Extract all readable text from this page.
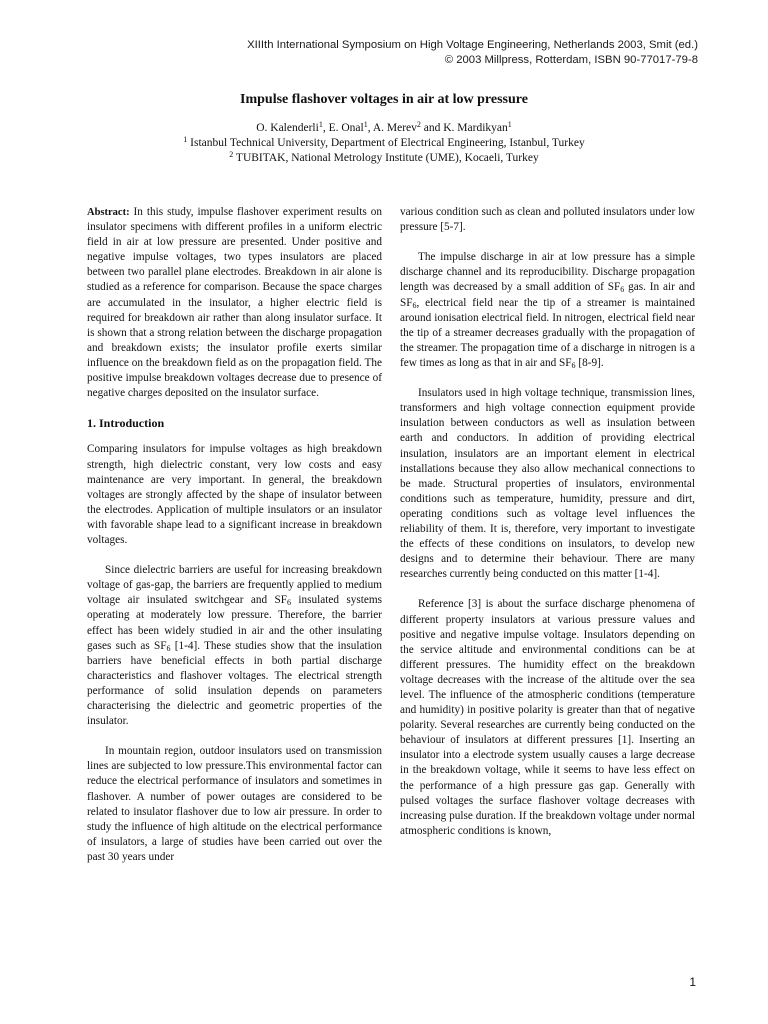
XIIIth International Symposium on High Voltage Engineering, Netherlands 2003, Smit (ed.)
© 2003 Millpress, Rotterdam, ISBN 90-77017-79-8
Impulse flashover voltages in air at low pressure
O. Kalenderli$^1$, E. Onal$^1$, A. Merev$^2$ and K. Mardikyan$^1$
$^1$ Istanbul Technical University, Department of Electrical Engineering, Istanbul, Turkey
$^2$ TUBITAK, National Metrology Institute (UME), Kocaeli, Turkey

Abstract: In this study, impulse flashover experiment results on insulator specimens with different profiles in a uniform electric field in air at low pressure are presented. Under positive and negative impulse voltages, two types insulators are placed between two parallel plane electrodes. Breakdown in air alone is studied as a reference for comparison. Because the space charges are accumulated in the insulator, a higher electric field is required for breakdown air rather than along insulator surface. It is shown that a strong relation between the discharge propagation and breakdown exists; the insulator profile exerts similar influence on the breakdown field as on the propagation field. The positive impulse breakdown voltages decrease due to presence of negative charges deposited on the insulator surface.

1. Introduction

Comparing insulators for impulse voltages as high breakdown strength, high dielectric constant, very low costs and easy maintenance are very important. In general, the breakdown voltages are strongly affected by the shape of insulator between the electrodes. Application of multiple insulators or an insulator with favorable shape lead to a significant increase in breakdown voltages.

Since dielectric barriers are useful for increasing breakdown voltage of gas-gap, the barriers are frequently applied to medium voltage air insulated switchgear and $SF_6$ insulated systems operating at moderately low pressure. Therefore, the barrier effect has been widely studied in air and the other insulating gases such as $SF_6$ [1-4]. These studies show that the insulation barriers have beneficial effects in both partial discharge characteristics and flashover voltages. The electrical strength performance of solid insulation depends on parameters characterising the dielectric and geometric properties of the insulator.

In mountain region, outdoor insulators used on transmission lines are subjected to low pressure.This environmental factor can reduce the electrical performance of insulators and sometimes in flashover. A number of power outages are considered to be related to insulator flashover due to low air pressure. In order to study the influence of high altitude on the electrical performance of insulators, a large of studies have been carried out over the past 30 years under

various condition such as clean and polluted insulators under low pressure [5-7].

The impulse discharge in air at low pressure has a simple discharge channel and its reproducibility. Discharge propagation length was decreased by a small addition of $SF_6$ gas. In air and $SF_6$, electrical field near the tip of a streamer is maintained around ionisation electrical field. In nitrogen, electrical field near the tip of a streamer decreases gradually with the propagation of the streamer. The propagation time of a discharge in nitrogen is a few times as long as that in air and $SF_6$ [8-9].

Insulators used in high voltage technique, transmission lines, transformers and high voltage connection equipment provide insulation between conductors as well as insulation between earth and conductors. In addition of providing electrical insulation, insulators are an important element in electrical installations because they also allow mechanical connections to be made. Structural properties of insulators, environmental conditions such as temperature, humidity, pressure and dirt, operating conditions such as voltage level influences the reliability of them. It is, therefore, very important to investigate the effects of these conditions on insulators, to develop new designs and to determine their behaviour. There are many researches currently being conducted on this matter [1-4].

Reference [3] is about the surface discharge phenomena of different property insulators at various pressure values and positive and negative impulse voltage. Insulators depending on the service altitude and environmental conditions can be at different pressures. The humidity effect on the breakdown voltage decreases with the increase of the altitude over the sea level. The influence of the atmospheric conditions (temperature and humidity) in positive polarity is greater than that of negative polarity. Several researches are currently being conducted on the behaviour of insulators at different pressures [1]. Inserting an insulator into a electrode system usually causes a large decrease in the breakdown voltage, while it seems to have less effect on the performance of a high pressure gas gap. Generally with pulsed voltages the surface flashover voltage decreases with increasing pulse duration. If the breakdown voltage under normal atmospheric conditions is known,

1
